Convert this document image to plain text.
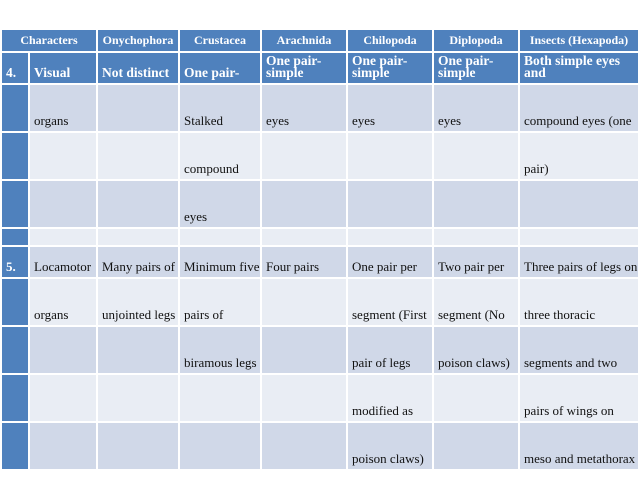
Characters		Onychophora	Crustacea	Arachnida	Chilopoda	Diplopoda	Insects (Hexapoda)
4.	Visual	Not distinct	One pair-	One pair- simple	One pair- simple	One pair- simple	Both simple eyes and
	organs		Stalked	eyes	eyes	eyes	compound eyes (one
			compound				pair)
			eyes				

5.	Locamotor	Many pairs of	Minimum five	Four pairs	One pair per	Two pair per	Three pairs of legs on
	organs	unjointed legs	pairs of		segment (First	segment (No	three thoracic
			biramous legs		pair of legs	poison claws)	segments and two
					modified as		pairs of wings on
					poison claws)		meso and metathorax
